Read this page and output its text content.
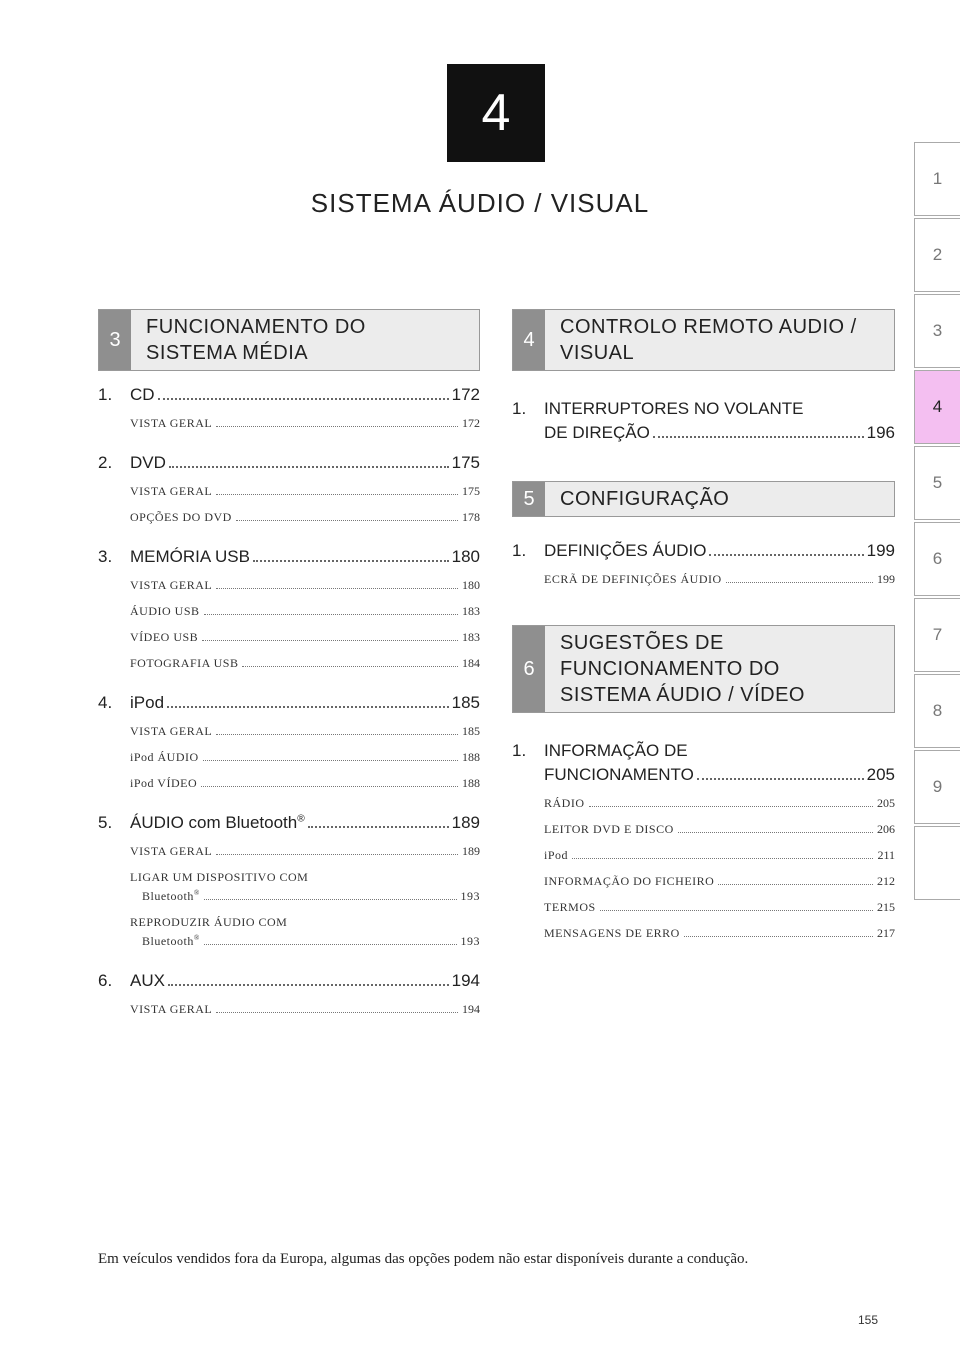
4
SISTEMA ÁUDIO / VISUAL
1
2
3
4
5
6
7
8
9
3
FUNCIONAMENTO DO
SISTEMA MÉDIA
1. CD	172
VISTA GERAL	172
2. DVD	175
VISTA GERAL	175
OPÇÕES DO DVD	178
3. MEMÓRIA USB	180
VISTA GERAL	180
ÁUDIO USB	183
VÍDEO USB	183
FOTOGRAFIA USB	184
4. iPod	185
VISTA GERAL	185
iPod ÁUDIO	188
iPod VÍDEO	188
5. ÁUDIO com Bluetooth®	189
VISTA GERAL	189
LIGAR UM DISPOSITIVO COM
Bluetooth®	193
REPRODUZIR ÁUDIO COM
Bluetooth®	193
6. AUX	194
VISTA GERAL	194
4
CONTROLO REMOTO AUDIO /
VISUAL
1. INTERRUPTORES NO VOLANTE
DE DIREÇÃO	196
5	CONFIGURAÇÃO
1. DEFINIÇÕES ÁUDIO	199
ECRÃ DE DEFINIÇÕES ÁUDIO	199
6
SUGESTÕES DE
FUNCIONAMENTO DO
SISTEMA ÁUDIO / VÍDEO
1. INFORMAÇÃO DE
FUNCIONAMENTO	205
RÁDIO	205
LEITOR DVD E DISCO	206
iPod	211
INFORMAÇÃO DO FICHEIRO	212
TERMOS	215
MENSAGENS DE ERRO	217
Em veículos vendidos fora da Europa, algumas das opções podem não estar disponíveis durante a condução.
155
